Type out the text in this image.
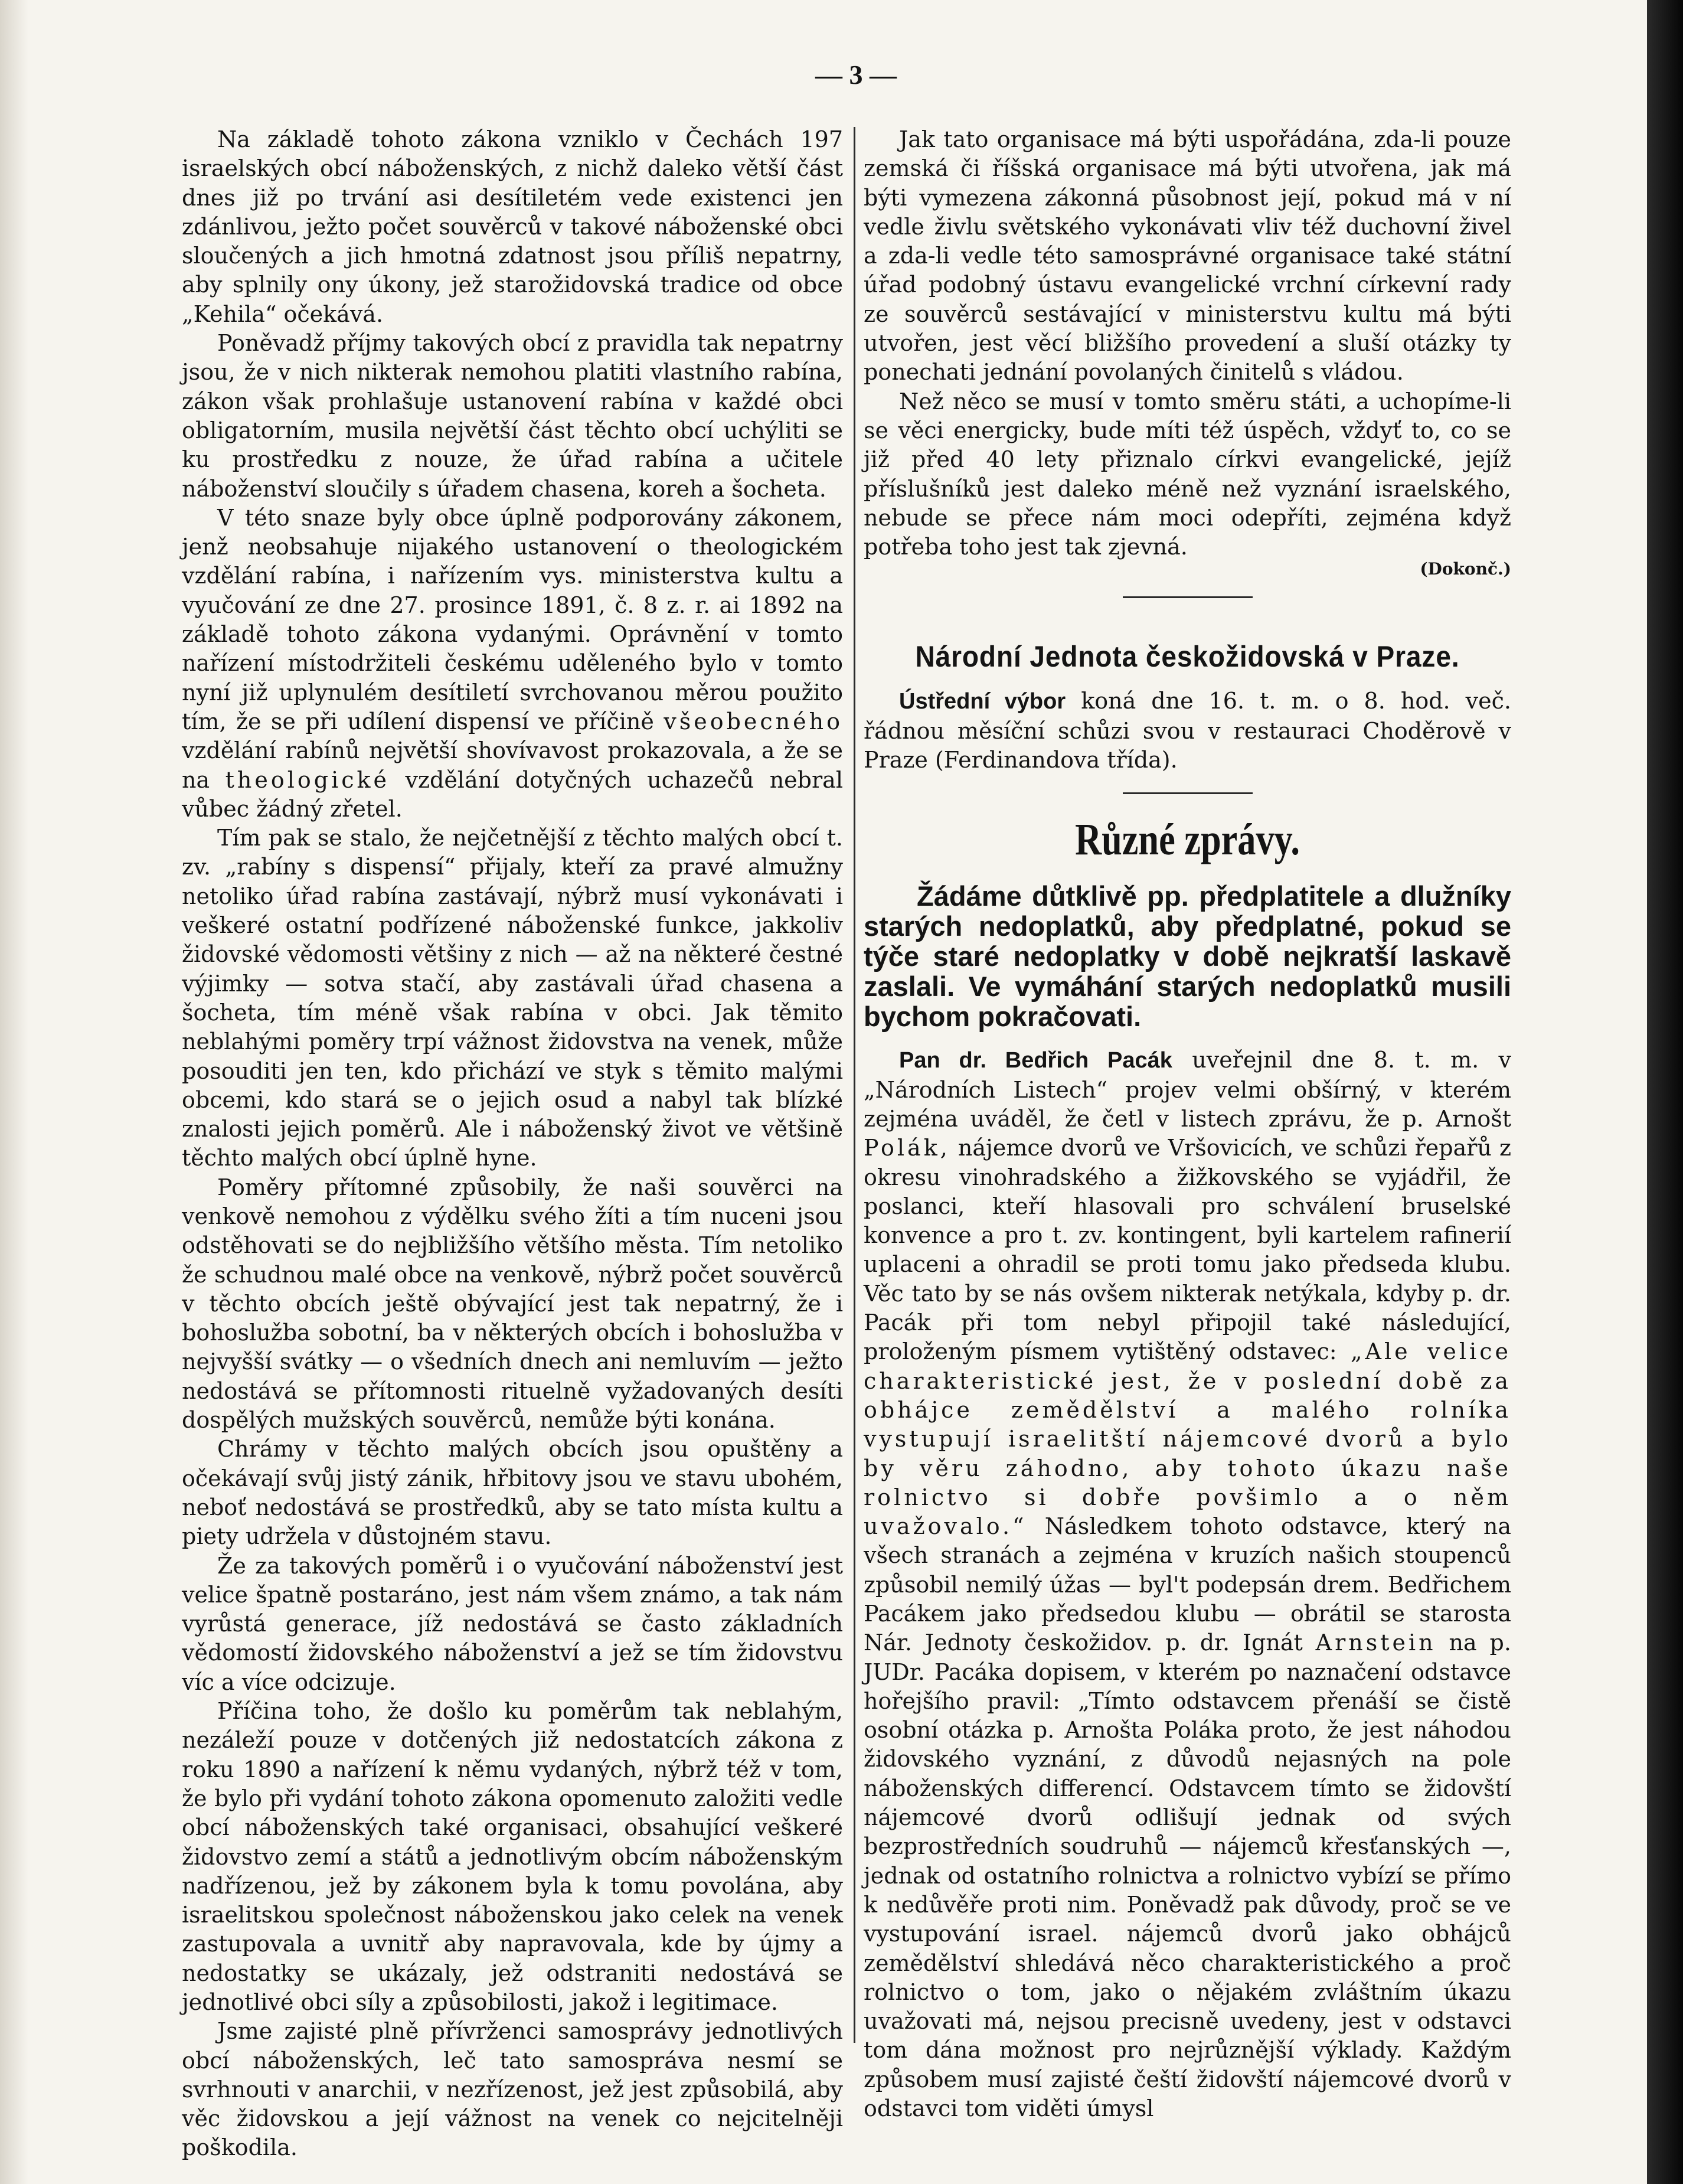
— 3 —

Na základě tohoto zákona vzniklo v Čechách 197 israelských obcí náboženských, z nichž daleko větší část dnes již po trvání asi desítiletém vede existenci jen zdánlivou, ježto počet souvěrců v takové náboženské obci sloučených a jich hmotná zdatnost jsou příliš nepatrny, aby splnily ony úkony, jež starožidovská tradice od obce „Kehila“ očekává.

Poněvadž příjmy takových obcí z pravidla tak nepatrny jsou, že v nich nikterak nemohou platiti vlastního rabína, zákon však prohlašuje ustanovení rabína v každé obci obligatorním, musila největší část těchto obcí uchýliti se ku prostředku z nouze, že úřad rabína a učitele náboženství sloučily s úřadem chasena, koreh a šocheta.

V této snaze byly obce úplně podporovány zákonem, jenž neobsahuje nijakého ustanovení o theologickém vzdělání rabína, i nařízením vys. ministerstva kultu a vyučování ze dne 27. prosince 1891, č. 8 z. r. ai 1892 na základě tohoto zákona vydanými. Oprávnění v tomto nařízení místodržiteli českému uděleného bylo v tomto nyní již uplynulém desítiletí svrchovanou měrou použito tím, že se při udílení dispensí ve příčině všeobecného vzdělání rabínů největší shovívavost prokazovala, a že se na theologické vzdělání dotyčných uchazečů nebral vůbec žádný zřetel.

Tím pak se stalo, že nejčetnější z těchto malých obcí t. zv. „rabíny s dispensí“ přijaly, kteří za pravé almužny netoliko úřad rabína zastávají, nýbrž musí vykonávati i veškeré ostatní podřízené náboženské funkce, jakkoliv židovské vědomosti většiny z nich — až na některé čestné výjimky — sotva stačí, aby zastávali úřad chasena a šocheta, tím méně však rabína v obci. Jak těmito neblahými poměry trpí vážnost židovstva na venek, může posouditi jen ten, kdo přichází ve styk s těmito malými obcemi, kdo stará se o jejich osud a nabyl tak blízké znalosti jejich poměrů. Ale i náboženský život ve většině těchto malých obcí úplně hyne.

Poměry přítomné způsobily, že naši souvěrci na venkově nemohou z výdělku svého žíti a tím nuceni jsou odstěhovati se do nejbližšího většího města. Tím netoliko že schudnou malé obce na venkově, nýbrž počet souvěrců v těchto obcích ještě obývající jest tak nepatrný, že i bohoslužba sobotní, ba v některých obcích i bohoslužba v nejvyšší svátky — o všedních dnech ani nemluvím — ježto nedostává se přítomnosti rituelně vyžadovaných desíti dospělých mužských souvěrců, nemůže býti konána.

Chrámy v těchto malých obcích jsou opuštěny a očekávají svůj jistý zánik, hřbitovy jsou ve stavu ubohém, neboť nedostává se prostředků, aby se tato místa kultu a piety udržela v důstojném stavu.

Že za takových poměrů i o vyučování náboženství jest velice špatně postaráno, jest nám všem známo, a tak nám vyrůstá generace, jíž nedostává se často základních vědomostí židovského náboženství a jež se tím židovstvu víc a více odcizuje.

Příčina toho, že došlo ku poměrům tak neblahým, nezáleží pouze v dotčených již nedostatcích zákona z roku 1890 a nařízení k němu vydaných, nýbrž též v tom, že bylo při vydání tohoto zákona opomenuto založiti vedle obcí náboženských také organisaci, obsahující veškeré židovstvo zemí a států a jednotlivým obcím náboženským nadřízenou, jež by zákonem byla k tomu povolána, aby israelitskou společnost náboženskou jako celek na venek zastupovala a uvnitř aby napravovala, kde by újmy a nedostatky se ukázaly, jež odstraniti nedostává se jednotlivé obci síly a způsobilosti, jakož i legitimace.

Jsme zajisté plně přívrženci samosprávy jednotlivých obcí náboženských, leč tato samospráva nesmí se svrhnouti v anarchii, v nezřízenost, jež jest způsobilá, aby věc židovskou a její vážnost na venek co nejcitelněji poškodila.

Jak tato organisace má býti uspořádána, zda-li pouze zemská či říšská organisace má býti utvořena, jak má býti vymezena zákonná působnost její, pokud má v ní vedle živlu světského vykonávati vliv též duchovní živel a zda-li vedle této samosprávné organisace také státní úřad podobný ústavu evangelické vrchní církevní rady ze souvěrců sestávající v ministerstvu kultu má býti utvořen, jest věcí bližšího provedení a sluší otázky ty ponechati jednání povolaných činitelů s vládou.

Než něco se musí v tomto směru státi, a uchopíme-li se věci energicky, bude míti též úspěch, vždyť to, co se již před 40 lety přiznalo církvi evangelické, jejíž příslušníků jest daleko méně než vyznání israelského, nebude se přece nám moci odepříti, zejména když potřeba toho jest tak zjevná.

(Dokonč.)
Národní Jednota českožidovská v Praze.

Ústřední výbor koná dne 16. t. m. o 8. hod. več. řádnou měsíční schůzi svou v restauraci Choděrově v Praze (Ferdinandova třída).

Různé zprávy.

Žádáme důtklivě pp. předplatitele a dlužníky starých nedoplatků, aby předplatné, pokud se týče staré nedoplatky v době nejkratší laskavě zaslali. Ve vymáhání starých nedoplatků musili bychom pokračovati.

Pan dr. Bedřich Pacák uveřejnil dne 8. t. m. v „Národních Listech“ projev velmi obšírný, v kterém zejména uváděl, že četl v listech zprávu, že p. Arnošt Polák, nájemce dvorů ve Vršovicích, ve schůzi řepařů z okresu vinohradského a žižkovského se vyjádřil, že poslanci, kteří hlasovali pro schválení bruselské konvence a pro t. zv. kontingent, byli kartelem rafinerií uplaceni a ohradil se proti tomu jako předseda klubu. Věc tato by se nás ovšem nikterak netýkala, kdyby p. dr. Pacák při tom nebyl připojil také následující, proloženým písmem vytištěný odstavec: „Ale velice charakteristické jest, že v poslední době za obhájce zemědělství a malého rolníka vystupují israelitští nájemcové dvorů a bylo by věru záhodno, aby tohoto úkazu naše rolnictvo si dobře povšimlo a o něm uvažovalo.“ Následkem tohoto odstavce, který na všech stranách a zejména v kruzích našich stoupenců způsobil nemilý úžas — byl't podepsán drem. Bedřichem Pacákem jako předsedou klubu — obrátil se starosta Nár. Jednoty českožidov. p. dr. Ignát Arnstein na p. JUDr. Pacáka dopisem, v kterém po naznačení odstavce hořejšího pravil: „Tímto odstavcem přenáší se čistě osobní otázka p. Arnošta Poláka proto, že jest náhodou židovského vyznání, z důvodů nejasných na pole náboženských differencí. Odstavcem tímto se židovští nájemcové dvorů odlišují jednak od svých bezprostředních soudruhů — nájemců křesťanských —, jednak od ostatního rolnictva a rolnictvo vybízí se přímo k nedůvěře proti nim. Poněvadž pak důvody, proč se ve vystupování israel. nájemců dvorů jako obhájců zemědělství shledává něco charakteristického a proč rolnictvo o tom, jako o nějakém zvláštním úkazu uvažovati má, nejsou precisně uvedeny, jest v odstavci tom dána možnost pro nejrůznější výklady. Každým způsobem musí zajisté čeští židovští nájemcové dvorů v odstavci tom viděti úmysl
